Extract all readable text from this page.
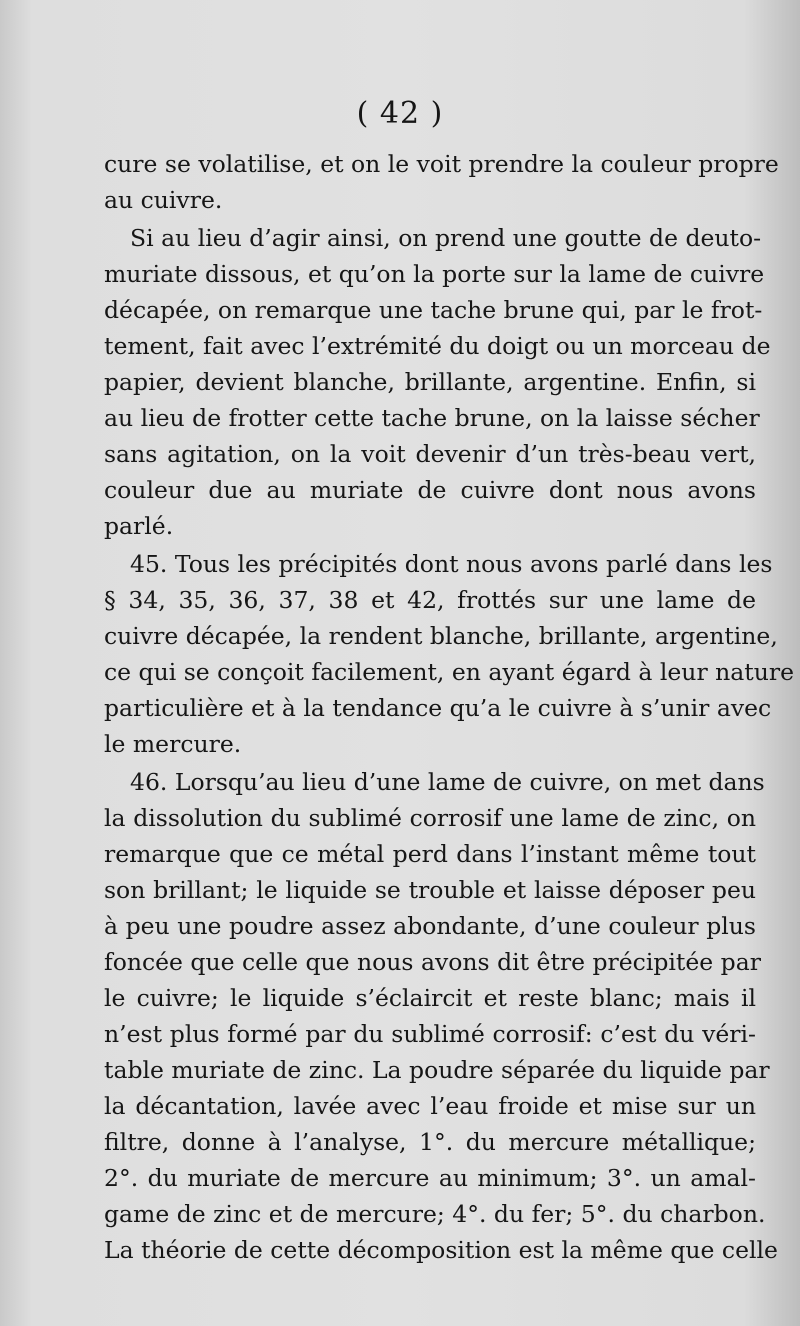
( 42 )
cure se volatilise, et on le voit prendre la couleur propre
au cuivre.
Si au lieu d’agir ainsi, on prend une goutte de deuto-
muriate dissous, et qu’on la porte sur la lame de cuivre
décapée, on remarque une tache brune qui, par le frot-
tement, fait avec l’extrémité du doigt ou un morceau de
papier, devient blanche, brillante, argentine. Enfin, si
au lieu de frotter cette tache brune, on la laisse sécher
sans agitation, on la voit devenir d’un très-beau vert,
couleur due au muriate de cuivre dont nous avons
parlé.
45. Tous les précipités dont nous avons parlé dans les
§ 34, 35, 36, 37, 38 et 42, frottés sur une lame de
cuivre décapée, la rendent blanche, brillante, argentine,
ce qui se conçoit facilement, en ayant égard à leur nature
particulière et à la tendance qu’a le cuivre à s’unir avec
le mercure.
46. Lorsqu’au lieu d’une lame de cuivre, on met dans
la dissolution du sublimé corrosif une lame de zinc, on
remarque que ce métal perd dans l’instant même tout
son brillant; le liquide se trouble et laisse déposer peu
à peu une poudre assez abondante, d’une couleur plus
foncée que celle que nous avons dit être précipitée par
le cuivre; le liquide s’éclaircit et reste blanc; mais il
n’est plus formé par du sublimé corrosif: c’est du véri-
table muriate de zinc. La poudre séparée du liquide par
la décantation, lavée avec l’eau froide et mise sur un
filtre, donne à l’analyse, 1°. du mercure métallique;
2°. du muriate de mercure au minimum; 3°. un amal-
game de zinc et de mercure; 4°. du fer; 5°. du charbon.
La théorie de cette décomposition est la même que celle
